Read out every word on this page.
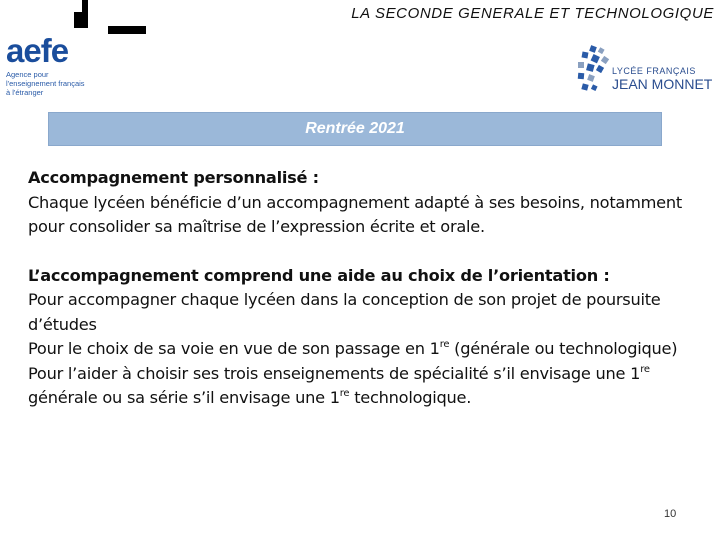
LA SECONDE GENERALE ET TECHNOLOGIQUE
aefe
Agence pour
l'enseignement français
à l'étranger
LYCÉE FRANÇAIS
JEAN MONNET
Rentrée 2021

Accompagnement personnalisé :

Chaque lycéen bénéficie d’un accompagnement adapté à ses besoins, notamment pour consolider sa maîtrise de l’expression écrite et orale.

L’accompagnement comprend une aide au choix de l’orientation :

Pour accompagner chaque lycéen dans la conception de son projet de poursuite d’études

Pour le choix de sa voie en vue de son passage en 1re (générale ou technologique)

Pour l’aider à choisir ses trois enseignements de spécialité s’il envisage une 1re générale ou sa série s’il envisage une 1re technologique.

10
